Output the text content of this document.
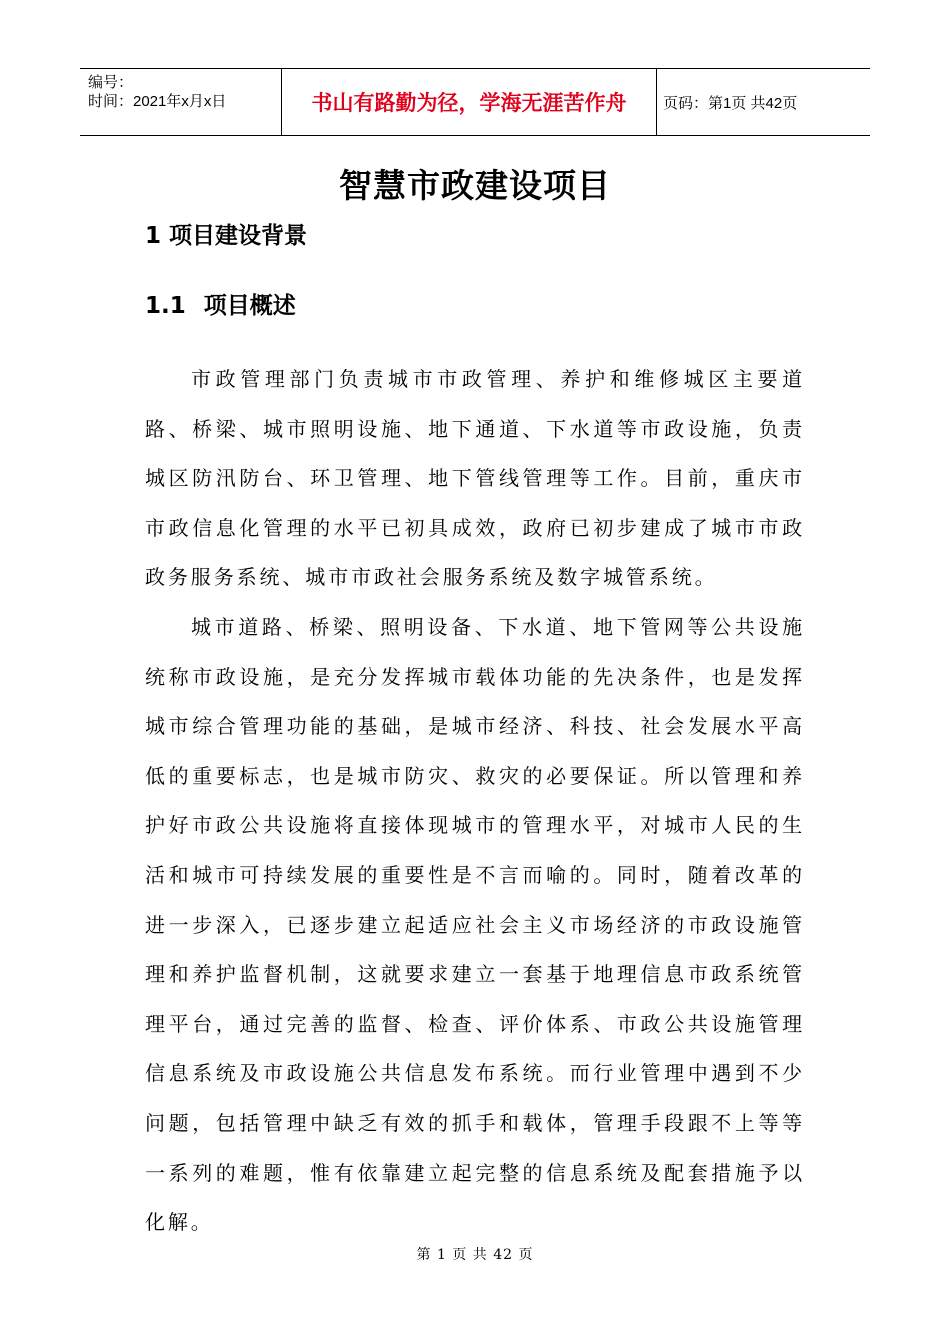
编号：
时间：2021年x月x日	书山有路勤为径，学海无涯苦作舟	页码：第1页 共42页
智慧市政建设项目
1 项目建设背景
1.1 项目概述

市政管理部门负责城市市政管理、养护和维修城区主要道路、桥梁、城市照明设施、地下通道、下水道等市政设施，负责城区防汛防台、环卫管理、地下管线管理等工作。目前，重庆市市政信息化管理的水平已初具成效，政府已初步建成了城市市政政务服务系统、城市市政社会服务系统及数字城管系统。

城市道路、桥梁、照明设备、下水道、地下管网等公共设施统称市政设施，是充分发挥城市载体功能的先决条件，也是发挥城市综合管理功能的基础，是城市经济、科技、社会发展水平高低的重要标志，也是城市防灾、救灾的必要保证。所以管理和养护好市政公共设施将直接体现城市的管理水平，对城市人民的生活和城市可持续发展的重要性是不言而喻的。同时，随着改革的进一步深入，已逐步建立起适应社会主义市场经济的市政设施管理和养护监督机制，这就要求建立一套基于地理信息市政系统管理平台，通过完善的监督、检查、评价体系、市政公共设施管理信息系统及市政设施公共信息发布系统。而行业管理中遇到不少问题，包括管理中缺乏有效的抓手和载体，管理手段跟不上等等一系列的难题，惟有依靠建立起完整的信息系统及配套措施予以化解。

第 1 页 共 42 页
